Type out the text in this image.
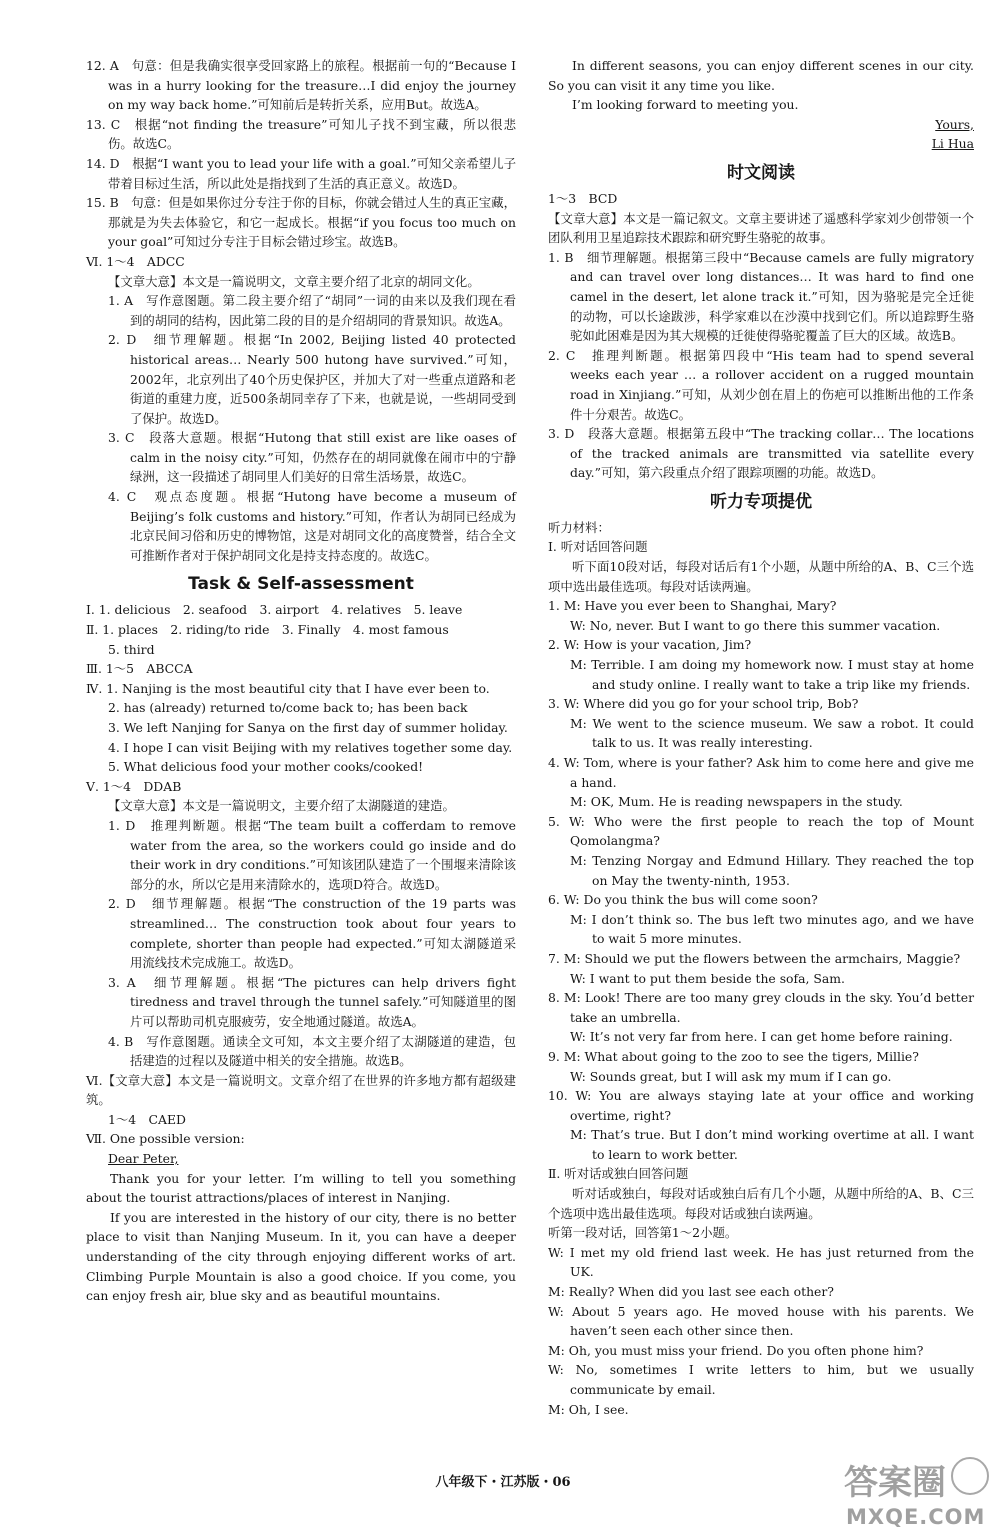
12. A　句意：但是我确实很享受回家路上的旅程。根据前一句的“Because I was in a hurry looking for the treasure…I did enjoy the journey on my way back home.”可知前后是转折关系，应用But。故选A。

13. C　根据“not finding the treasure”可知儿子找不到宝藏，所以很悲伤。故选C。

14. D　根据“I want you to lead your life with a goal.”可知父亲希望儿子带着目标过生活，所以此处是指找到了生活的真正意义。故选D。

15. B　句意：但是如果你过分专注于你的目标，你就会错过人生的真正宝藏，那就是为失去体验它，和它一起成长。根据“if you focus too much on your goal”可知过分专注于目标会错过珍宝。故选B。

Ⅵ. 1～4　ADCC

【文章大意】本文是一篇说明文，文章主要介绍了北京的胡同文化。

1. A　写作意图题。第二段主要介绍了“胡同”一词的由来以及我们现在看到的胡同的结构，因此第二段的目的是介绍胡同的背景知识。故选A。

2. D　细节理解题。根据“In 2002, Beijing listed 40 protected historical areas… Nearly 500 hutong have survived.”可知，2002年，北京列出了40个历史保护区，并加大了对一些重点道路和老街道的重建力度，近500条胡同幸存了下来，也就是说，一些胡同受到了保护。故选D。

3. C　段落大意题。根据“Hutong that still exist are like oases of calm in the noisy city.”可知，仍然存在的胡同就像在闹市中的宁静绿洲，这一段描述了胡同里人们美好的日常生活场景，故选C。

4. C　观点态度题。根据“Hutong have become a museum of Beijing’s folk customs and history.”可知，作者认为胡同已经成为北京民间习俗和历史的博物馆，这是对胡同文化的高度赞誉，结合全文可推断作者对于保护胡同文化是持支持态度的。故选C。

Task & Self-assessment

Ⅰ. 1. delicious　2. seafood　3. airport　4. relatives　5. leave

Ⅱ. 1. places　2. riding/to ride　3. Finally　4. most famous

5. third

Ⅲ. 1～5　ABCCA

Ⅳ. 1. Nanjing is the most beautiful city that I have ever been to.

2. has (already) returned to/come back to; has been back

3. We left Nanjing for Sanya on the first day of summer holiday.

4. I hope I can visit Beijing with my relatives together some day.

5. What delicious food your mother cooks/cooked!

Ⅴ. 1～4　DDAB

【文章大意】本文是一篇说明文，主要介绍了太湖隧道的建造。

1. D　推理判断题。根据“The team built a cofferdam to remove water from the area, so the workers could go inside and do their work in dry conditions.”可知该团队建造了一个围堰来清除该部分的水，所以它是用来清除水的，选项D符合。故选D。

2. D　细节理解题。根据“The construction of the 19 parts was streamlined… The construction took about four years to complete, shorter than people had expected.”可知太湖隧道采用流线技术完成施工。故选D。

3. A　细节理解题。根据“The pictures can help drivers fight tiredness and travel through the tunnel safely.”可知隧道里的图片可以帮助司机克服疲劳，安全地通过隧道。故选A。

4. B　写作意图题。通读全文可知，本文主要介绍了太湖隧道的建造，包括建造的过程以及隧道中相关的安全措施。故选B。

Ⅵ.【文章大意】本文是一篇说明文。文章介绍了在世界的许多地方都有超级建筑。

1～4　CAED

Ⅶ. One possible version:

Dear Peter,

Thank you for your letter. I’m willing to tell you something about the tourist attractions/places of interest in Nanjing.

If you are interested in the history of our city, there is no better place to visit than Nanjing Museum. In it, you can have a deeper understanding of the city through enjoying different works of art. Climbing Purple Mountain is also a good choice. If you come, you can enjoy fresh air, blue sky and as beautiful mountains.

In different seasons, you can enjoy different scenes in our city. So you can visit it any time you like.

I’m looking forward to meeting you.

Yours,

Li Hua

时文阅读

1～3　BCD

【文章大意】本文是一篇记叙文。文章主要讲述了遥感科学家刘少创带领一个团队利用卫星追踪技术跟踪和研究野生骆驼的故事。

1. B　细节理解题。根据第三段中“Because camels are fully migratory and can travel over long distances… It was hard to find one camel in the desert, let alone track it.”可知，因为骆驼是完全迁徙的动物，可以长途跋涉，科学家难以在沙漠中找到它们。所以追踪野生骆驼如此困难是因为其大规模的迁徙使得骆驼覆盖了巨大的区域。故选B。

2. C　推理判断题。根据第四段中“His team had to spend several weeks each year … a rollover accident on a rugged mountain road in Xinjiang.”可知，从刘少创在眉上的伤疤可以推断出他的工作条件十分艰苦。故选C。

3. D　段落大意题。根据第五段中“The tracking collar… The locations of the tracked animals are transmitted via satellite every day.”可知，第六段重点介绍了跟踪项圈的功能。故选D。

听力专项提优

听力材料：

Ⅰ. 听对话回答问题

听下面10段对话，每段对话后有1个小题，从题中所给的A、B、C三个选项中选出最佳选项。每段对话读两遍。

1. M: Have you ever been to Shanghai, Mary?

W: No, never. But I want to go there this summer vacation.

2. W: How is your vacation, Jim?

M: Terrible. I am doing my homework now. I must stay at home and study online. I really want to take a trip like my friends.

3. W: Where did you go for your school trip, Bob?

M: We went to the science museum. We saw a robot. It could talk to us. It was really interesting.

4. W: Tom, where is your father? Ask him to come here and give me a hand.

M: OK, Mum. He is reading newspapers in the study.

5. W: Who were the first people to reach the top of Mount Qomolangma?

M: Tenzing Norgay and Edmund Hillary. They reached the top on May the twenty-ninth, 1953.

6. W: Do you think the bus will come soon?

M: I don’t think so. The bus left two minutes ago, and we have to wait 5 more minutes.

7. M: Should we put the flowers between the armchairs, Maggie?

W: I want to put them beside the sofa, Sam.

8. M: Look! There are too many grey clouds in the sky. You’d better take an umbrella.

W: It’s not very far from here. I can get home before raining.

9. M: What about going to the zoo to see the tigers, Millie?

W: Sounds great, but I will ask my mum if I can go.

10. W: You are always staying late at your office and working overtime, right?

M: That’s true. But I don’t mind working overtime at all. I want to learn to work better.

Ⅱ. 听对话或独白回答问题

听对话或独白，每段对话或独白后有几个小题，从题中所给的A、B、C三个选项中选出最佳选项。每段对话或独白读两遍。

听第一段对话，回答第1～2小题。

W: I met my old friend last week. He has just returned from the UK.

M: Really? When did you last see each other?

W: About 5 years ago. He moved house with his parents. We haven’t seen each other since then.

M: Oh, you must miss your friend. Do you often phone him?

W: No, sometimes I write letters to him, but we usually communicate by email.

M: Oh, I see.

八年级下・江苏版・06	答案圈
MXQE.COM
